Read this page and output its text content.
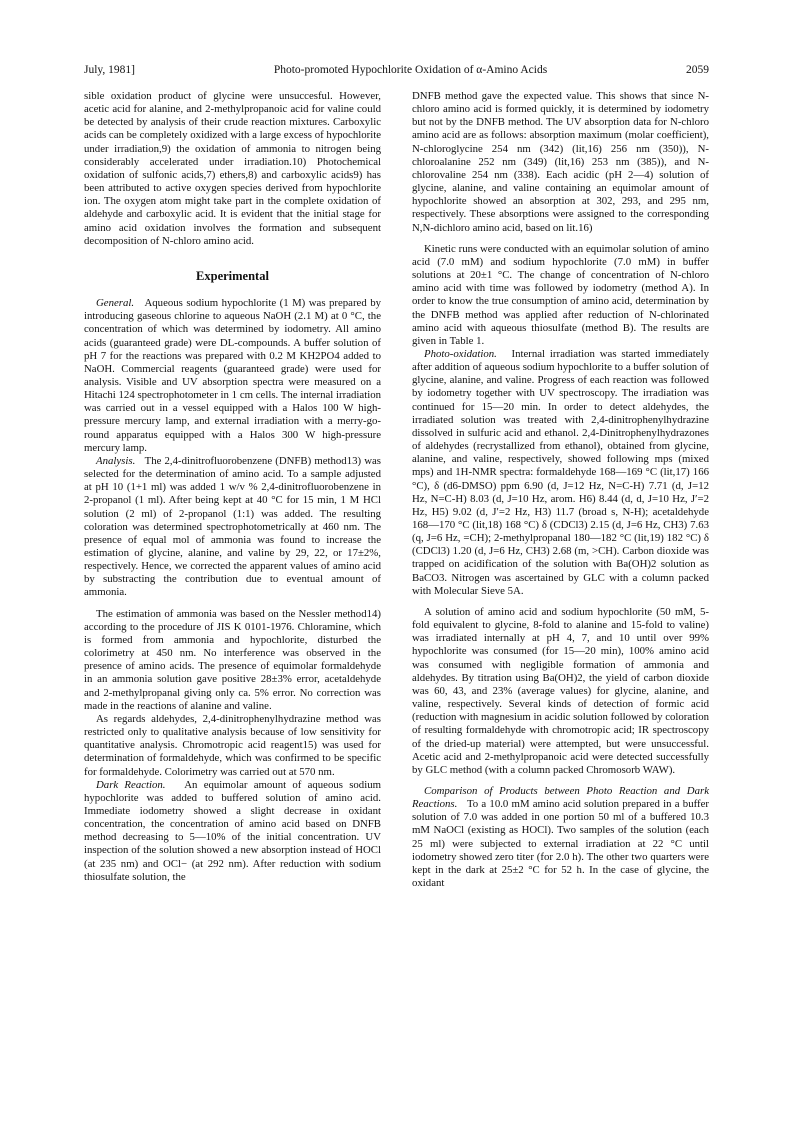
July, 1981]	Photo-promoted Hypochlorite Oxidation of α-Amino Acids	2059

sible oxidation product of glycine were unsuccesful. However, acetic acid for alanine, and 2-methylpropanoic acid for valine could be detected by analysis of their crude reaction mixtures. Carboxylic acids can be completely oxidized with a large excess of hypochlorite under irradiation,9) the oxidation of ammonia to nitrogen being considerably accelerated under irradiation.10) Photochemical oxidation of sulfonic acids,7) ethers,8) and carboxylic acids9) has been attributed to active oxygen species derived from hypochlorite ion. The oxygen atom might take part in the complete oxidation of aldehyde and carboxylic acid. It is evident that the initial stage for amino acid oxidation involves the formation and subsequent decomposition of N-chloro amino acid.

Experimental

General. Aqueous sodium hypochlorite (1 M) was prepared by introducing gaseous chlorine to aqueous NaOH (2.1 M) at 0 °C, the concentration of which was determined by iodometry. All amino acids (guaranteed grade) were DL-compounds. A buffer solution of pH 7 for the reactions was prepared with 0.2 M KH2PO4 added to NaOH. Commercial reagents (guaranteed grade) were used for analysis. Visible and UV absorption spectra were measured on a Hitachi 124 spectrophotometer in 1 cm cells. The internal irradiation was carried out in a vessel equipped with a Halos 100 W high-pressure mercury lamp, and external irradiation with a merry-go-round apparatus equipped with a Halos 300 W high-pressure mercury lamp.

Analysis. The 2,4-dinitrofluorobenzene (DNFB) method13) was selected for the determination of amino acid. To a sample adjusted at pH 10 (1+1 ml) was added 1 w/v % 2,4-dinitrofluorobenzene in 2-propanol (1 ml). After being kept at 40 °C for 15 min, 1 M HCl solution (2 ml) of 2-propanol (1:1) was added. The resulting coloration was determined spectrophotometrically at 460 nm. The presence of equal mol of ammonia was found to increase the estimation of glycine, alanine, and valine by 29, 22, or 17±2%, respectively. Hence, we corrected the apparent values of amino acid by substracting the contribution due to eventual amount of ammonia.

The estimation of ammonia was based on the Nessler method14) according to the procedure of JIS K 0101-1976. Chloramine, which is formed from ammonia and hypochlorite, disturbed the colorimetry at 450 nm. No interference was observed in the presence of amino acids. The presence of equimolar formaldehyde in an ammonia solution gave positive 28±3% error, acetaldehyde and 2-methylpropanal giving only ca. 5% error. No correction was made in the reactions of alanine and valine.

As regards aldehydes, 2,4-dinitrophenylhydrazine method was restricted only to qualitative analysis because of low sensitivity for quantitative analysis. Chromotropic acid reagent15) was used for determination of formaldehyde, which was confirmed to be specific for formaldehyde. Colorimetry was carried out at 570 nm.

Dark Reaction. An equimolar amount of aqueous sodium hypochlorite was added to buffered solution of amino acid. Immediate iodometry showed a slight decrease in oxidant concentration, the concentration of amino acid based on DNFB method decreasing to 5—10% of the initial concentration. UV inspection of the solution showed a new absorption instead of HOCl (at 235 nm) and OCl− (at 292 nm). After reduction with sodium thiosulfate solution, the

DNFB method gave the expected value. This shows that since N-chloro amino acid is formed quickly, it is determined by iodometry but not by the DNFB method. The UV absorption data for N-chloro amino acid are as follows: absorption maximum (molar coefficient), N-chloroglycine 254 nm (342) (lit,16) 256 nm (350)), N-chloroalanine 252 nm (349) (lit,16) 253 nm (385)), and N-chlorovaline 254 nm (338). Each acidic (pH 2—4) solution of glycine, alanine, and valine containing an equimolar amount of hypochlorite showed an absorption at 302, 293, and 295 nm, respectively. These absorptions were assigned to the corresponding N,N-dichloro amino acid, based on lit.16)

Kinetic runs were conducted with an equimolar solution of amino acid (7.0 mM) and sodium hypochlorite (7.0 mM) in buffer solutions at 20±1 °C. The change of concentration of N-chloro amino acid with time was followed by iodometry (method A). In order to know the true consumption of amino acid, determination by the DNFB method was applied after reduction of N-chlorinated amino acid with aqueous thiosulfate (method B). The results are given in Table 1.

Photo-oxidation. Internal irradiation was started immediately after addition of aqueous sodium hypochlorite to a buffer solution of glycine, alanine, and valine. Progress of each reaction was followed by iodometry together with UV spectroscopy. The irradiation was continued for 15—20 min. In order to detect aldehydes, the irradiated solution was treated with 2,4-dinitrophenylhydrazine dissolved in sulfuric acid and ethanol. 2,4-Dinitrophenylhydrazones of aldehydes (recrystallized from ethanol), obtained from glycine, alanine, and valine, respectively, showed following mps (mixed mps) and 1H-NMR spectra: formaldehyde 168—169 °C (lit,17) 166 °C), δ (d6-DMSO) ppm 6.90 (d, J=12 Hz, N=C-H) 7.71 (d, J=12 Hz, N=C-H) 8.03 (d, J=10 Hz, arom. H6) 8.44 (d, d, J=10 Hz, J′=2 Hz, H5) 9.02 (d, J′=2 Hz, H3) 11.7 (broad s, N-H); acetaldehyde 168—170 °C (lit,18) 168 °C) δ (CDCl3) 2.15 (d, J=6 Hz, CH3) 7.63 (q, J=6 Hz, =CH); 2-methylpropanal 180—182 °C (lit,19) 182 °C) δ (CDCl3) 1.20 (d, J=6 Hz, CH3) 2.68 (m, >CH). Carbon dioxide was trapped on acidification of the solution with Ba(OH)2 solution as BaCO3. Nitrogen was ascertained by GLC with a column packed with Molecular Sieve 5A.

A solution of amino acid and sodium hypochlorite (50 mM, 5-fold equivalent to glycine, 8-fold to alanine and 15-fold to valine) was irradiated internally at pH 4, 7, and 10 until over 99% hypochlorite was consumed (for 15—20 min), 100% amino acid was consumed with negligible formation of ammonia and aldehydes. By titration using Ba(OH)2, the yield of carbon dioxide was 60, 43, and 23% (average values) for glycine, alanine, and valine, respectively. Several kinds of detection of formic acid (reduction with magnesium in acidic solution followed by coloration of resulting formaldehyde with chromotropic acid; IR spectroscopy of the dried-up material) were attempted, but were unsuccessful. Acetic acid and 2-methylpropanoic acid were detected successfully by GLC method (with a column packed Chromosorb WAW).

Comparison of Products between Photo Reaction and Dark Reactions. To a 10.0 mM amino acid solution prepared in a buffer solution of 7.0 was added in one portion 50 ml of a buffered 10.3 mM NaOCl (existing as HOCl). Two samples of the solution (each 25 ml) were subjected to external irradiation at 22 °C until iodometry showed zero titer (for 2.0 h). The other two quarters were kept in the dark at 25±2 °C for 52 h. In the case of glycine, the oxidant
